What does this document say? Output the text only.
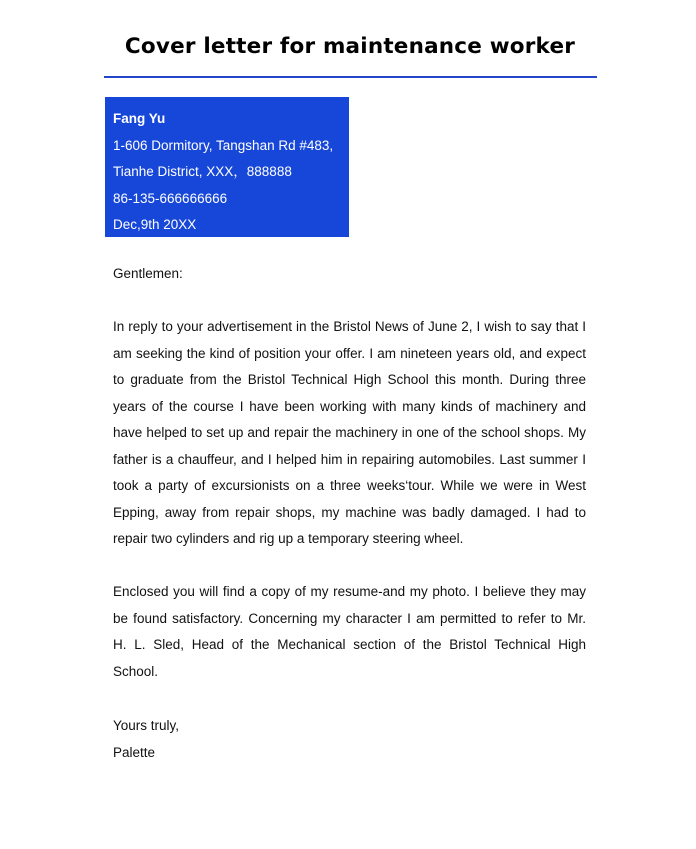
Cover letter for maintenance worker
Fang Yu
1-606 Dormitory, Tangshan Rd #483,
Tianhe District, XXX，888888
86-135-666666666
Dec,9th 20XX
Gentlemen:
In reply to your advertisement in the Bristol News of June 2, I wish to say that I am seeking the kind of position your offer. I am nineteen years old, and expect to graduate from the Bristol Technical High School this month. During three years of the course I have been working with many kinds of machinery and have helped to set up and repair the machinery in one of the school shops. My father is a chauffeur, and I helped him in repairing automobiles. Last summer I took a party of excursionists on a three weeks‘tour. While we were in West Epping, away from repair shops, my machine was badly damaged. I had to repair two cylinders and rig up a temporary steering wheel.
Enclosed you will find a copy of my resume-and my photo. I believe they may be found satisfactory. Concerning my character I am permitted to refer to Mr. H. L. Sled, Head of the Mechanical section of the Bristol Technical High School.
Yours truly,
Palette
